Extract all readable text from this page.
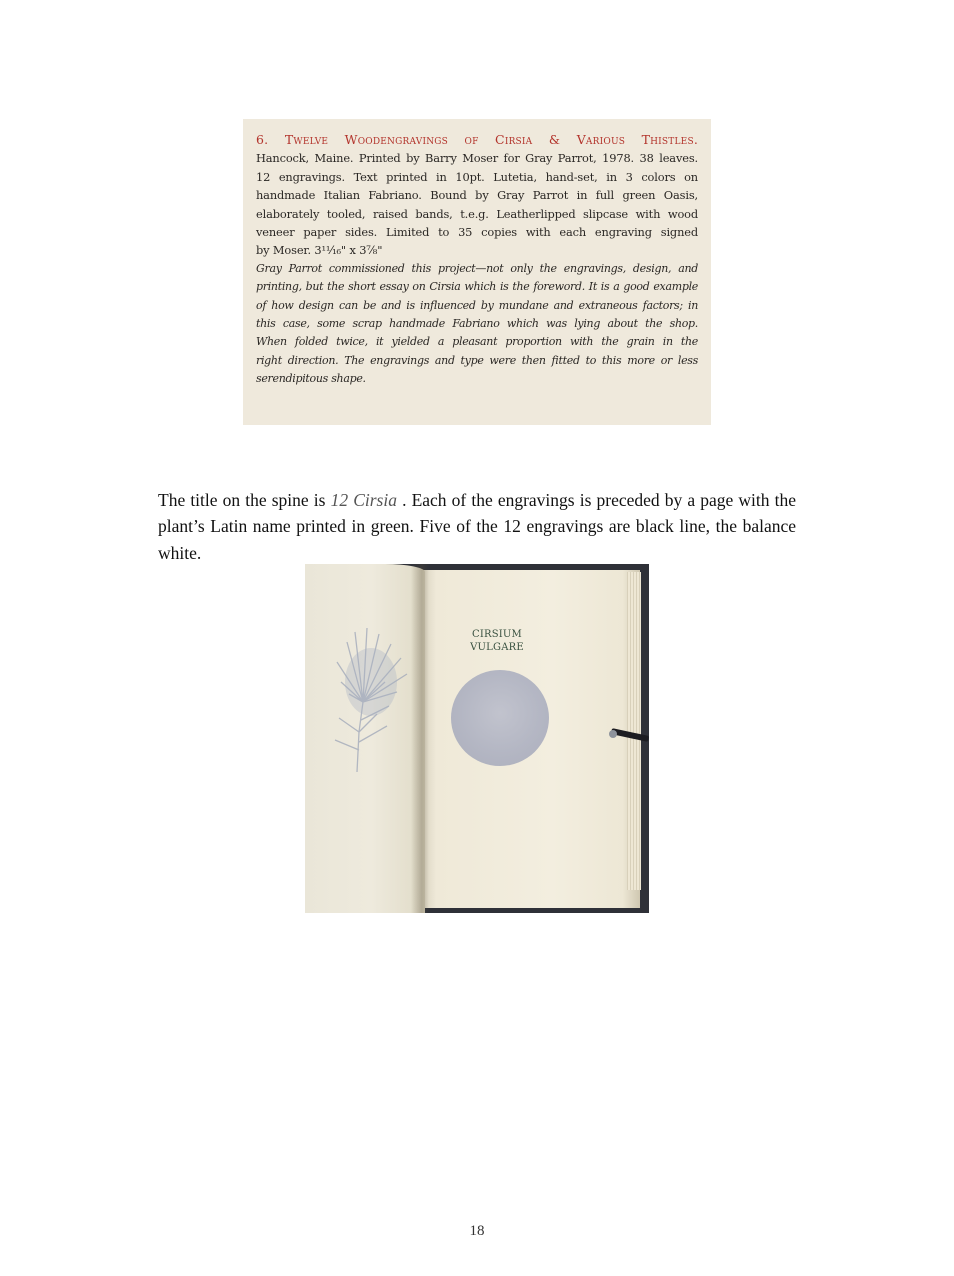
6. Twelve Woodengravings of Cirsia & Various Thistles.
Hancock, Maine. Printed by Barry Moser for Gray Parrot, 1978. 38 leaves.
12 engravings. Text printed in 10pt. Lutetia, hand-set, in 3 colors on
handmade Italian Fabriano. Bound by Gray Parrot in full green Oasis,
elaborately tooled, raised bands, t.e.g. Leatherlipped slipcase with wood
veneer paper sides. Limited to 35 copies with each engraving signed
by Moser. 3¹¹⁄₁₆" x 3⅞"
Gray Parrot commissioned this project—not only the engravings, design, and
printing, but the short essay on Cirsia which is the foreword. It is a good example
of how design can be and is influenced by mundane and extraneous factors; in
this case, some scrap handmade Fabriano which was lying about the shop.
When folded twice, it yielded a pleasant proportion with the grain in the
right direction. The engravings and type were then fitted to this more or less
serendipitous shape.

The title on the spine is 12 Cirsia . Each of the engravings is preceded by a page with the plant’s Latin name printed in green. Five of the 12 engravings are black line, the balance white.

CIRSIUM
VULGARE
18
